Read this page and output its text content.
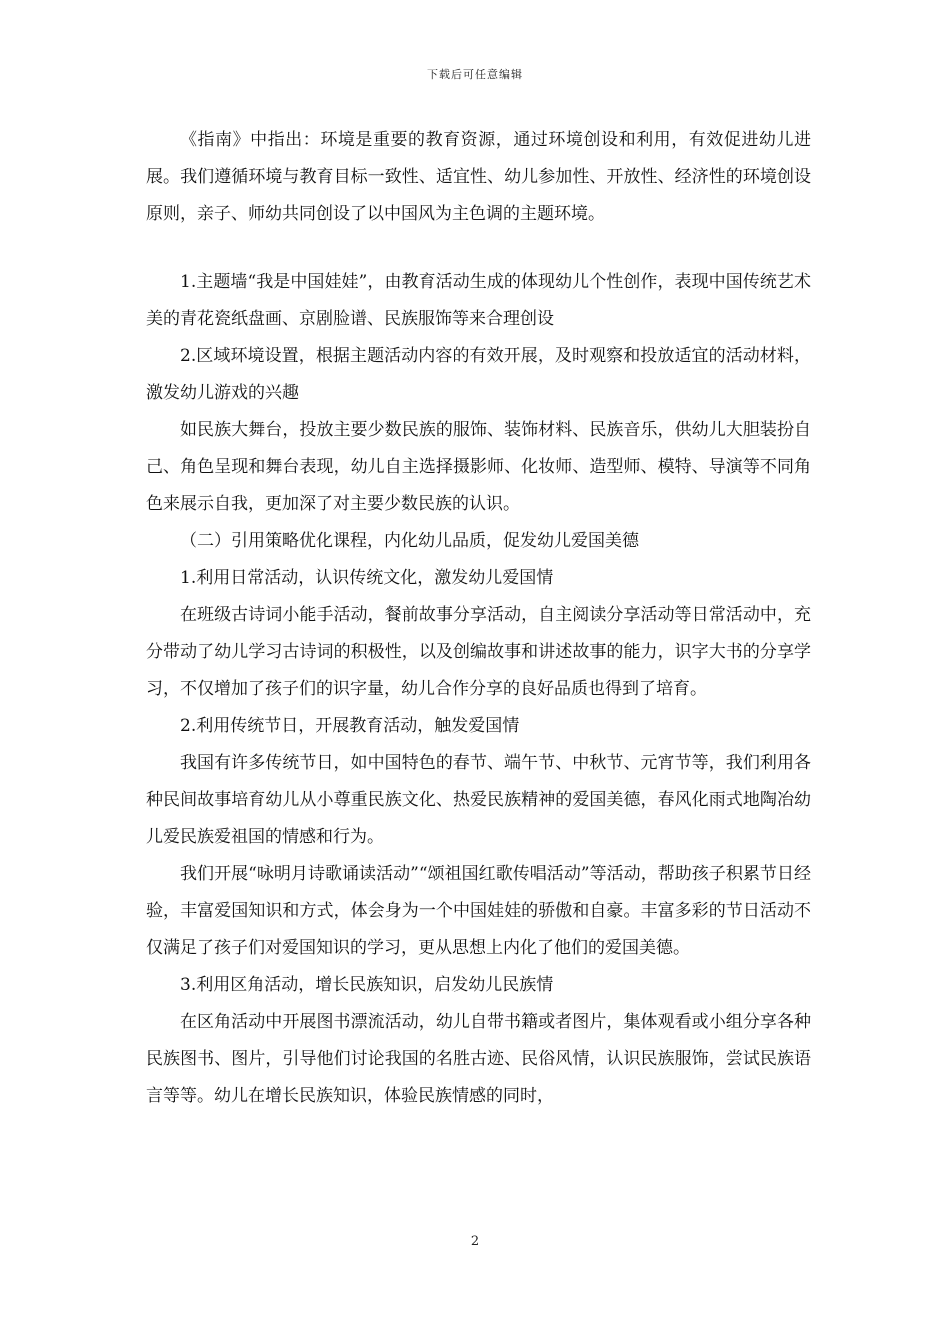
下载后可任意编辑

《指南》中指出：环境是重要的教育资源，通过环境创设和利用，有效促进幼儿进展。我们遵循环境与教育目标一致性、适宜性、幼儿参加性、开放性、经济性的环境创设原则，亲子、师幼共同创设了以中国风为主色调的主题环境。

1.主题墙“我是中国娃娃”，由教育活动生成的体现幼儿个性创作，表现中国传统艺术美的青花瓷纸盘画、京剧脸谱、民族服饰等来合理创设

2.区域环境设置，根据主题活动内容的有效开展，及时观察和投放适宜的活动材料，激发幼儿游戏的兴趣

如民族大舞台，投放主要少数民族的服饰、装饰材料、民族音乐，供幼儿大胆装扮自己、角色呈现和舞台表现，幼儿自主选择摄影师、化妆师、造型师、模特、导演等不同角色来展示自我，更加深了对主要少数民族的认识。

（二）引用策略优化课程，内化幼儿品质，促发幼儿爱国美德

1.利用日常活动，认识传统文化，激发幼儿爱国情

在班级古诗词小能手活动，餐前故事分享活动，自主阅读分享活动等日常活动中，充分带动了幼儿学习古诗词的积极性，以及创编故事和讲述故事的能力，识字大书的分享学习，不仅增加了孩子们的识字量，幼儿合作分享的良好品质也得到了培育。

2.利用传统节日，开展教育活动，触发爱国情

我国有许多传统节日，如中国特色的春节、端午节、中秋节、元宵节等，我们利用各种民间故事培育幼儿从小尊重民族文化、热爱民族精神的爱国美德，春风化雨式地陶冶幼儿爱民族爱祖国的情感和行为。

我们开展“咏明月诗歌诵读活动”“颂祖国红歌传唱活动”等活动，帮助孩子积累节日经验，丰富爱国知识和方式，体会身为一个中国娃娃的骄傲和自豪。丰富多彩的节日活动不仅满足了孩子们对爱国知识的学习，更从思想上内化了他们的爱国美德。

3.利用区角活动，增长民族知识，启发幼儿民族情

在区角活动中开展图书漂流活动，幼儿自带书籍或者图片，集体观看或小组分享各种民族图书、图片，引导他们讨论我国的名胜古迹、民俗风情，认识民族服饰，尝试民族语言等等。幼儿在增长民族知识，体验民族情感的同时，

2
